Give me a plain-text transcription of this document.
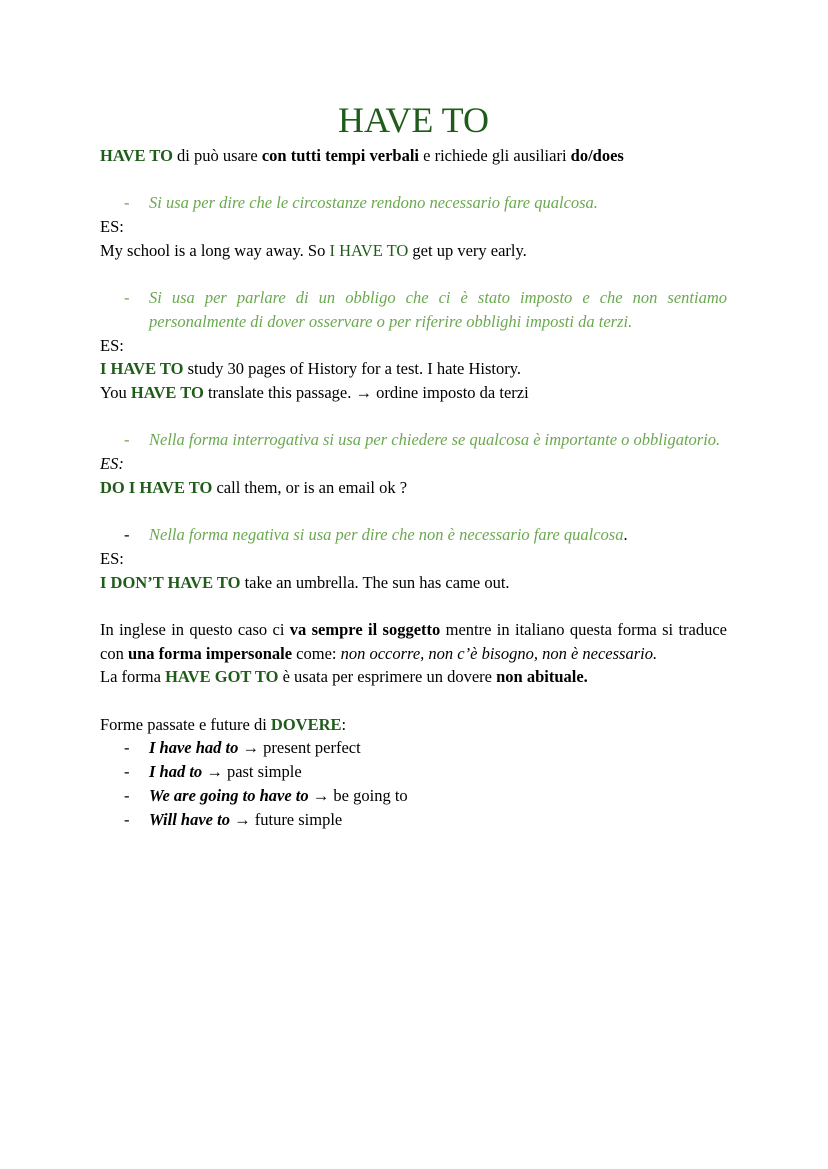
HAVE TO

HAVE TO di può usare con tutti tempi verbali e richiede gli ausiliari do/does

- Si usa per dire che le circostanze rendono necessario fare qualcosa.

ES:

My school is a long way away. So I HAVE TO get up very early.

- Si usa per parlare di un obbligo che ci è stato imposto e che non sentiamo personalmente di dover osservare o per riferire obblighi imposti da terzi.

ES:

I HAVE TO study 30 pages of History for a test. I hate History.

You HAVE TO translate this passage. → ordine imposto da terzi

- Nella forma interrogativa si usa per chiedere se qualcosa è importante o obbligatorio.

ES:

DO I HAVE TO call them, or is an email ok ?

- Nella forma negativa si usa per dire che non è necessario fare qualcosa.

ES:

I DON’T HAVE TO take an umbrella. The sun has came out.

In inglese in questo caso ci va sempre il soggetto mentre in italiano questa forma si traduce con una forma impersonale come: non occorre, non c’è bisogno, non è necessario.

La forma HAVE GOT TO è usata per esprimere un dovere non abituale.

Forme passate e future di DOVERE:

- I have had to → present perfect
- I had to → past simple
- We are going to have to → be going to
- Will have to → future simple
